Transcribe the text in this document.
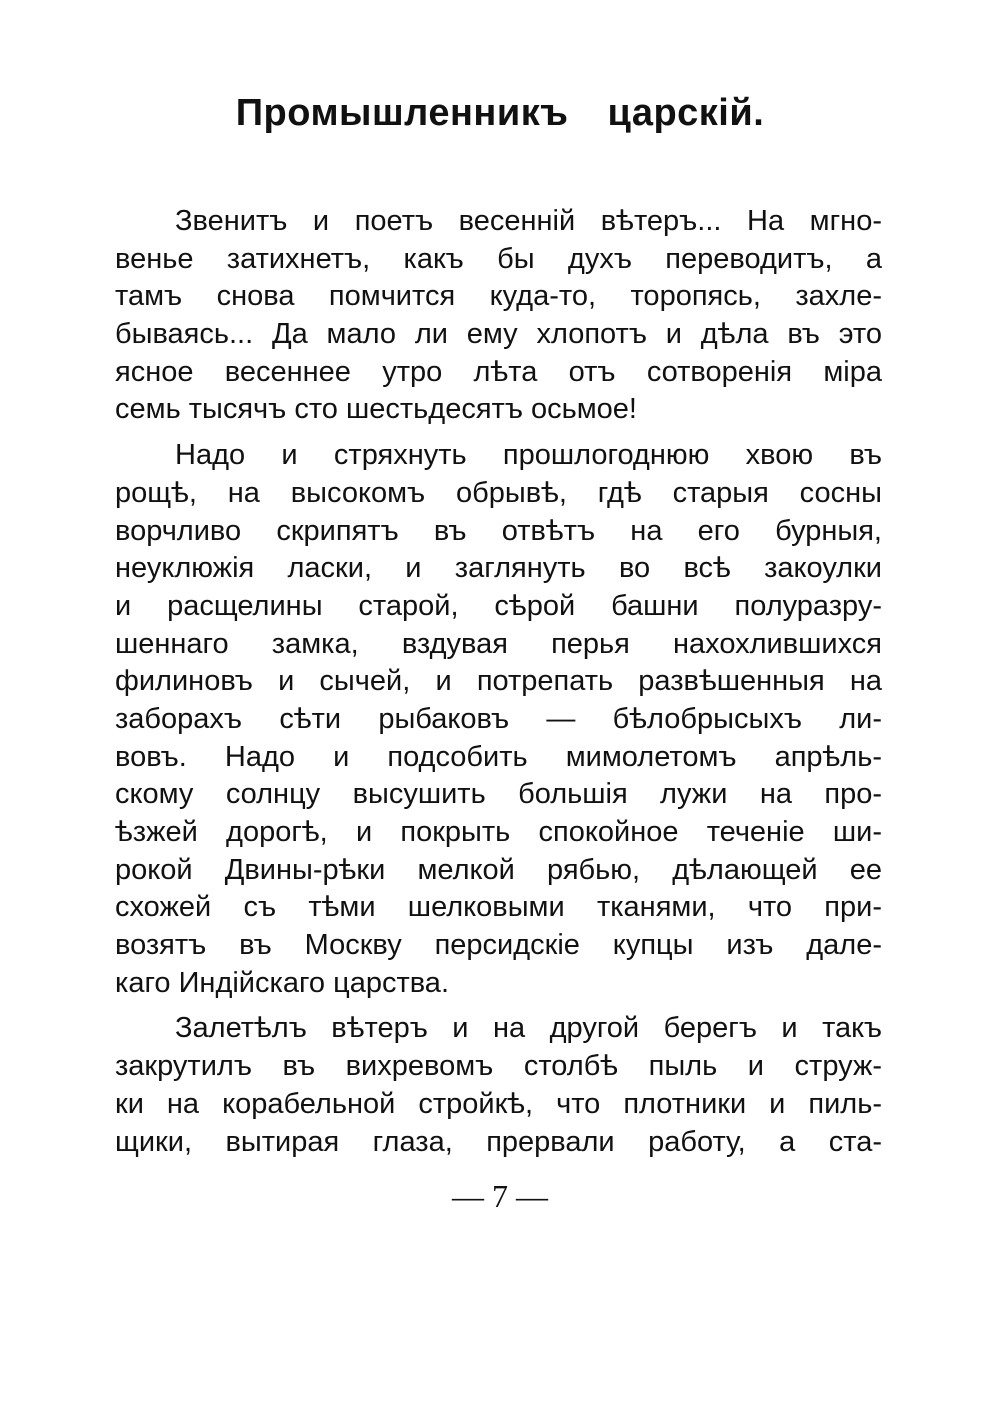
Промышленникъ царскій.
Звенитъ и поетъ весенній вѣтеръ... На мгно-
венье затихнетъ, какъ бы духъ переводитъ, а
тамъ снова помчится куда-то, торопясь, захле-
бываясь... Да мало ли ему хлопотъ и дѣла въ это
ясное весеннее утро лѣта отъ сотворенія міра
семь тысячъ сто шестьдесятъ осьмое!
Надо и стряхнуть прошлогоднюю хвою въ
рощѣ, на высокомъ обрывѣ, гдѣ старыя сосны
ворчливо скрипятъ въ отвѣтъ на его бурныя,
неуклюжія ласки, и заглянуть во всѣ закоулки
и расщелины старой, сѣрой башни полуразру-
шеннаго замка, вздувая перья нахохлившихся
филиновъ и сычей, и потрепать развѣшенныя на
заборахъ сѣти рыбаковъ — бѣлобрысыхъ ли-
вовъ. Надо и подсобить мимолетомъ апрѣль-
скому солнцу высушить большія лужи на про-
ѣзжей дорогѣ, и покрыть спокойное теченіе ши-
рокой Двины-рѣки мелкой рябью, дѣлающей ее
схожей съ тѣми шелковыми тканями, что при-
возятъ въ Москву персидскіе купцы изъ дале-
каго Индійскаго царства.
Залетѣлъ вѣтеръ и на другой берегъ и такъ
закрутилъ въ вихревомъ столбѣ пыль и струж-
ки на корабельной стройкѣ, что плотники и пиль-
щики, вытирая глаза, прервали работу, а ста-
— 7 —
